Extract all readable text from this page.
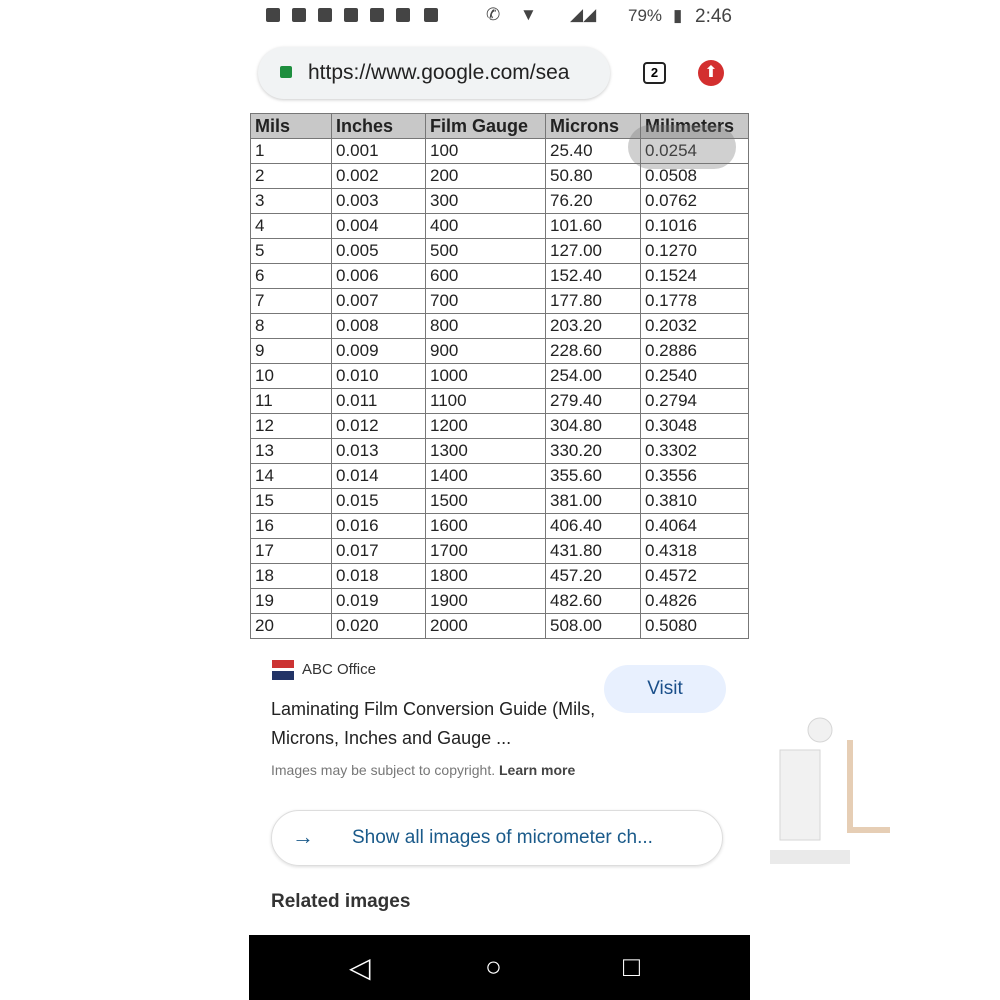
✆ ▼ ◢◢ 79% ▮ 2:46
https://www.google.com/sea	2	⬆
Mils	Inches	Film Gauge	Microns	Milimeters
1	0.001	100	25.40	0.0254
2	0.002	200	50.80	0.0508
3	0.003	300	76.20	0.0762
4	0.004	400	101.60	0.1016
5	0.005	500	127.00	0.1270
6	0.006	600	152.40	0.1524
7	0.007	700	177.80	0.1778
8	0.008	800	203.20	0.2032
9	0.009	900	228.60	0.2886
10	0.010	1000	254.00	0.2540
11	0.011	1100	279.40	0.2794
12	0.012	1200	304.80	0.3048
13	0.013	1300	330.20	0.3302
14	0.014	1400	355.60	0.3556
15	0.015	1500	381.00	0.3810
16	0.016	1600	406.40	0.4064
17	0.017	1700	431.80	0.4318
18	0.018	1800	457.20	0.4572
19	0.019	1900	482.60	0.4826
20	0.020	2000	508.00	0.5080
ABC Office
Visit
Laminating Film Conversion Guide (Mils, Microns, Inches and Gauge ...
Images may be subject to copyright. Learn more
→ Show all images of micrometer ch...
Related images
◁	○	□
